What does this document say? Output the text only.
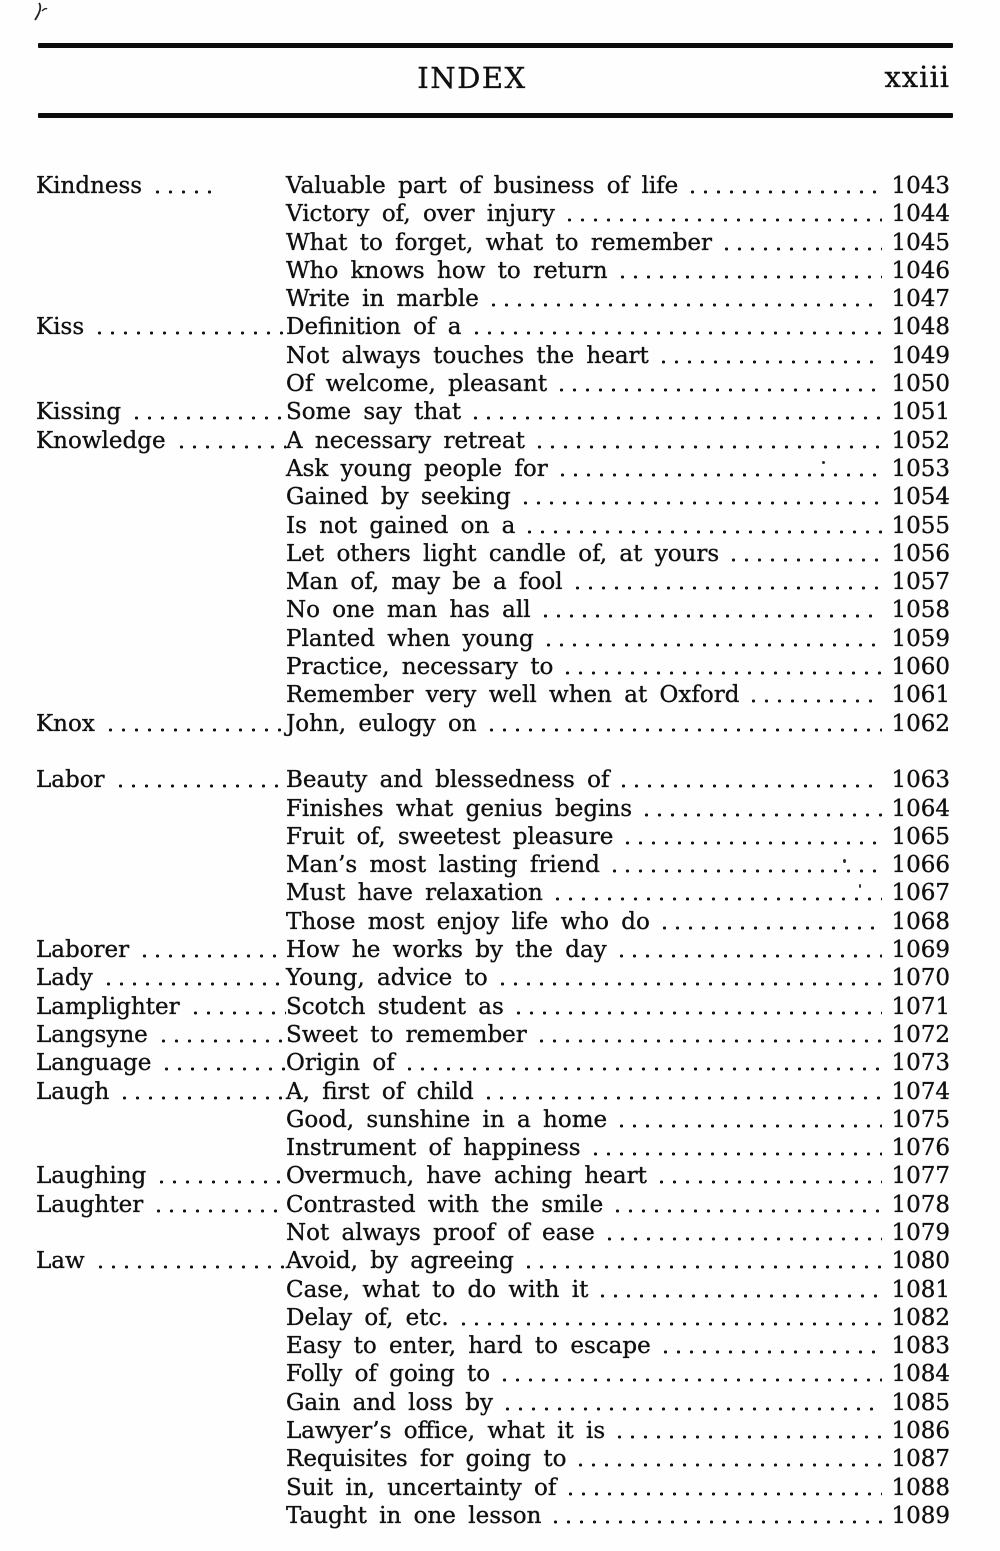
INDEX	xxiii
Kindness	Valuable part of business of life	1043
Victory of, over injury	1044
What to forget, what to remember	1045
Who knows how to return	1046
Write in marble	1047
Kiss	Definition of a	1048
Not always touches the heart	1049
Of welcome, pleasant	1050
Kissing	Some say that	1051
Knowledge	A necessary retreat	1052
Ask young people for	1053
Gained by seeking	1054
Is not gained on a	1055
Let others light candle of, at yours	1056
Man of, may be a fool	1057
No one man has all	1058
Planted when young	1059
Practice, necessary to	1060
Remember very well when at Oxford	1061
Knox	John, eulogy on	1062
Labor	Beauty and blessedness of	1063
Finishes what genius begins	1064
Fruit of, sweetest pleasure	1065
Man’s most lasting friend	1066
Must have relaxation	1067
Those most enjoy life who do	1068
Laborer	How he works by the day	1069
Lady	Young, advice to	1070
Lamplighter	Scotch student as	1071
Langsyne	Sweet to remember	1072
Language	Origin of	1073
Laugh	A, first of child	1074
Good, sunshine in a home	1075
Instrument of happiness	1076
Laughing	Overmuch, have aching heart	1077
Laughter	Contrasted with the smile	1078
Not always proof of ease	1079
Law	Avoid, by agreeing	1080
Case, what to do with it	1081
Delay of, etc.	1082
Easy to enter, hard to escape	1083
Folly of going to	1084
Gain and loss by	1085
Lawyer’s office, what it is	1086
Requisites for going to	1087
Suit in, uncertainty of	1088
Taught in one lesson	1089
